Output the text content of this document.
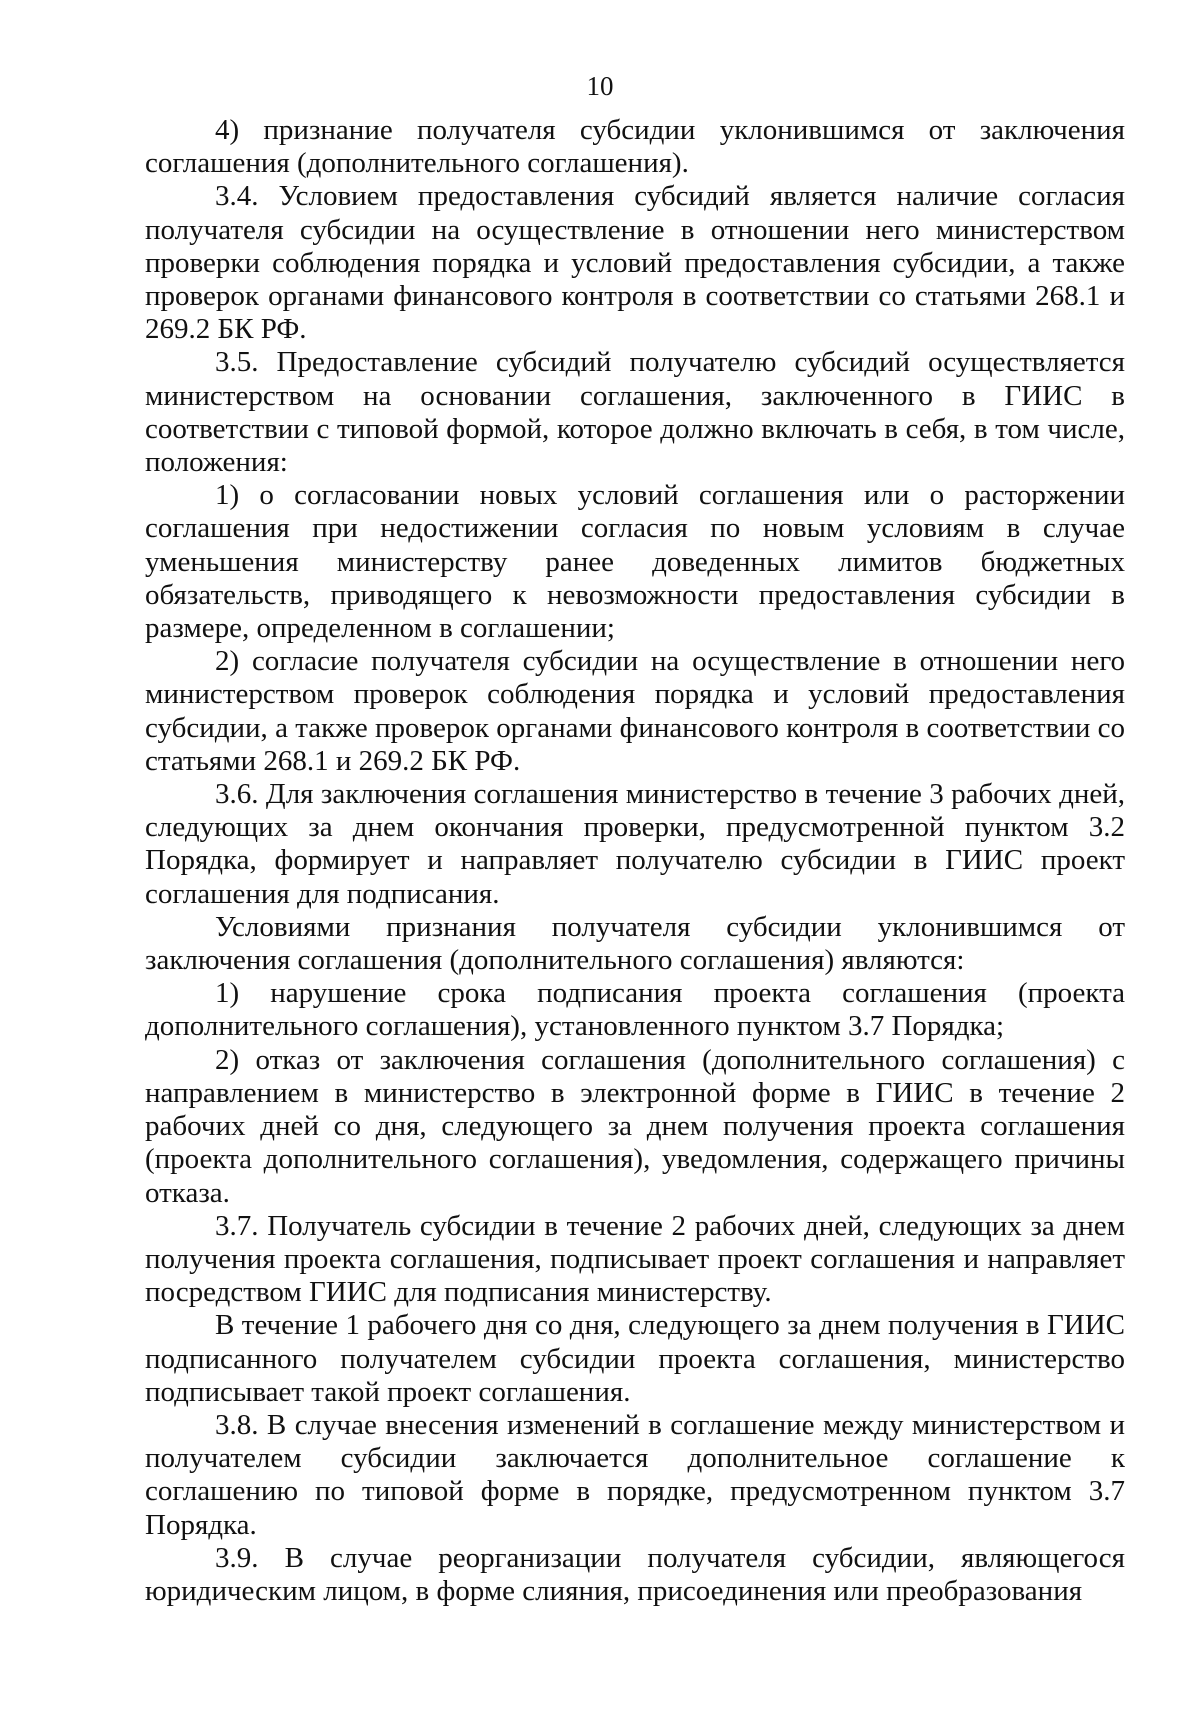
10

4) признание получателя субсидии уклонившимся от заключения соглашения (дополнительного соглашения).

3.4. Условием предоставления субсидий является наличие согласия получателя субсидии на осуществление в отношении него министерством проверки соблюдения порядка и условий предоставления субсидии, а также проверок органами финансового контроля в соответствии со статьями 268.1 и 269.2 БК РФ.

3.5. Предоставление субсидий получателю субсидий осуществляется министерством на основании соглашения, заключенного в ГИИС в соответствии с типовой формой, которое должно включать в себя, в том числе, положения:

1) о согласовании новых условий соглашения или о расторжении соглашения при недостижении согласия по новым условиям в случае уменьшения министерству ранее доведенных лимитов бюджетных обязательств, приводящего к невозможности предоставления субсидии в размере, определенном в соглашении;

2) согласие получателя субсидии на осуществление в отношении него министерством проверок соблюдения порядка и условий предоставления субсидии, а также проверок органами финансового контроля в соответствии со статьями 268.1 и 269.2 БК РФ.

3.6. Для заключения соглашения министерство в течение 3 рабочих дней, следующих за днем окончания проверки, предусмотренной пунктом 3.2 Порядка, формирует и направляет получателю субсидии в ГИИС проект соглашения для подписания.

Условиями признания получателя субсидии уклонившимся от заключения соглашения (дополнительного соглашения) являются:

1) нарушение срока подписания проекта соглашения (проекта дополнительного соглашения), установленного пунктом 3.7 Порядка;

2) отказ от заключения соглашения (дополнительного соглашения) с направлением в министерство в электронной форме в ГИИС в течение 2 рабочих дней со дня, следующего за днем получения проекта соглашения (проекта дополнительного соглашения), уведомления, содержащего причины отказа.

3.7. Получатель субсидии в течение 2 рабочих дней, следующих за днем получения проекта соглашения, подписывает проект соглашения и направляет посредством ГИИС для подписания министерству.

В течение 1 рабочего дня со дня, следующего за днем получения в ГИИС подписанного получателем субсидии проекта соглашения, министерство подписывает такой проект соглашения.

3.8. В случае внесения изменений в соглашение между министерством и получателем субсидии заключается дополнительное соглашение к соглашению по типовой форме в порядке, предусмотренном пунктом 3.7 Порядка.

3.9. В случае реорганизации получателя субсидии, являющегося юридическим лицом, в форме слияния, присоединения или преобразования
